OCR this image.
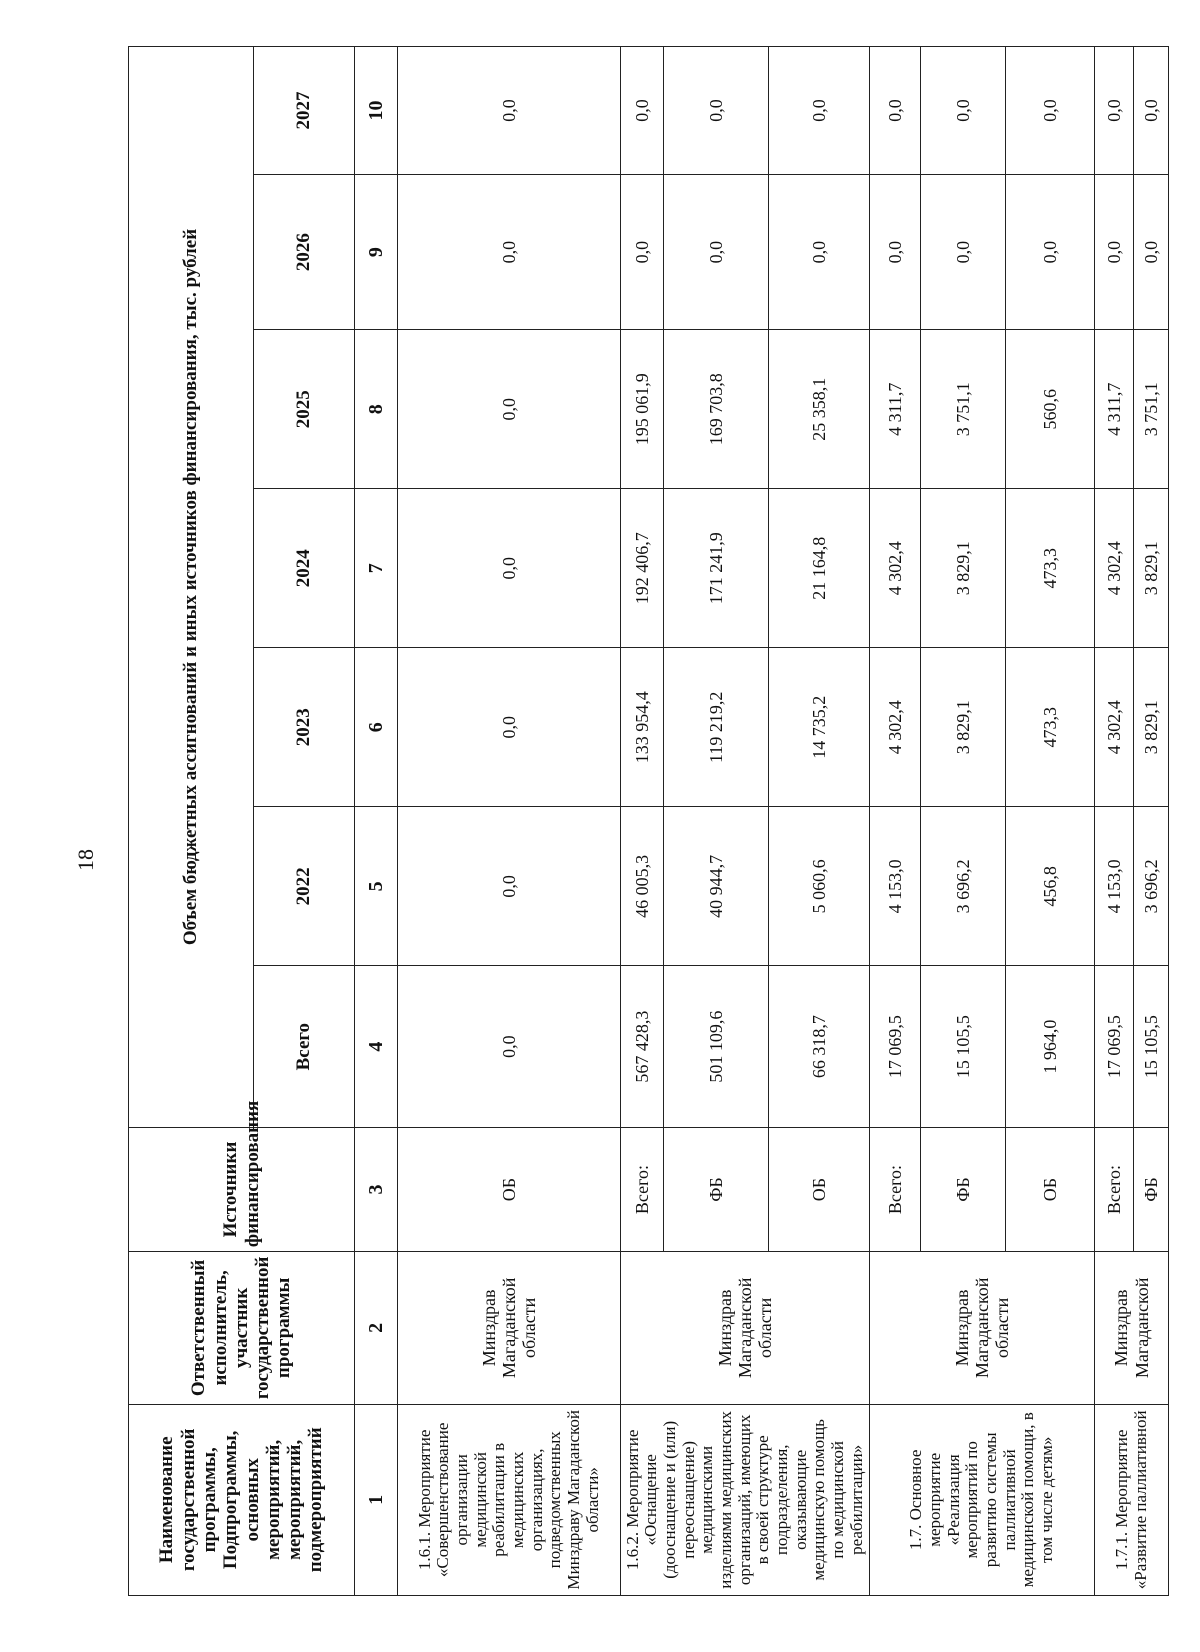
18
Наименование государственной программы, Подпрограммы, основных мероприятий, мероприятий, подмероприятий	Ответственный исполнитель, участник государственной программы	Источники финансирования	Объем бюджетных ассигнований и иных источников финансирования, тыс. рублей						
			Всего	2022	2023	2024	2025	2026	2027
1	2	3	4	5	6	7	8	9	10
1.6.1. Мероприятие «Совершенствование организации медицинской реабилитации в медицинских организациях, подведомственных Минздраву Магаданской области»	Минздрав Магаданской области	ОБ	0,0	0,0	0,0	0,0	0,0	0,0	0,0
1.6.2. Мероприятие «Оснащение (дооснащение и (или) переоснащение) медицинскими изделиями медицинских организаций, имеющих в своей структуре подразделения, оказывающие медицинскую помощь по медицинской реабилитации»	Минздрав Магаданской области	Всего:	567 428,3	46 005,3	133 954,4	192 406,7	195 061,9	0,0	0,0
		ФБ	501 109,6	40 944,7	119 219,2	171 241,9	169 703,8	0,0	0,0
		ОБ	66 318,7	5 060,6	14 735,2	21 164,8	25 358,1	0,0	0,0
1.7. Основное мероприятие «Реализация мероприятий по развитию системы паллиативной медицинской помощи, в том числе детям»	Минздрав Магаданской области	Всего:	17 069,5	4 153,0	4 302,4	4 302,4	4 311,7	0,0	0,0
		ФБ	15 105,5	3 696,2	3 829,1	3 829,1	3 751,1	0,0	0,0
		ОБ	1 964,0	456,8	473,3	473,3	560,6	0,0	0,0
1.7.1. Мероприятие «Развитие паллиативной	Минздрав Магаданской	Всего:	17 069,5	4 153,0	4 302,4	4 302,4	4 311,7	0,0	0,0
		ФБ	15 105,5	3 696,2	3 829,1	3 829,1	3 751,1	0,0	0,0
